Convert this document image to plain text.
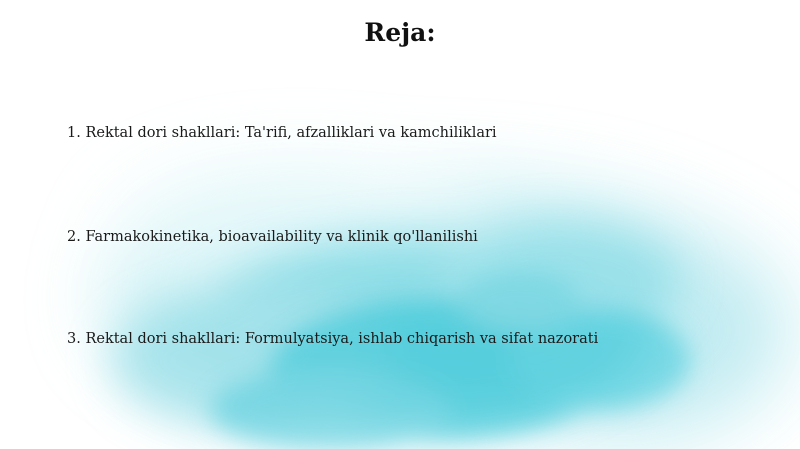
Reja:
1. Rektal dori shakllari: Ta'rifi, afzalliklari va kamchiliklari
2. Farmakokinetika, bioavailability va klinik qo'llanilishi
3. Rektal dori shakllari: Formulyatsiya, ishlab chiqarish va sifat nazorati
